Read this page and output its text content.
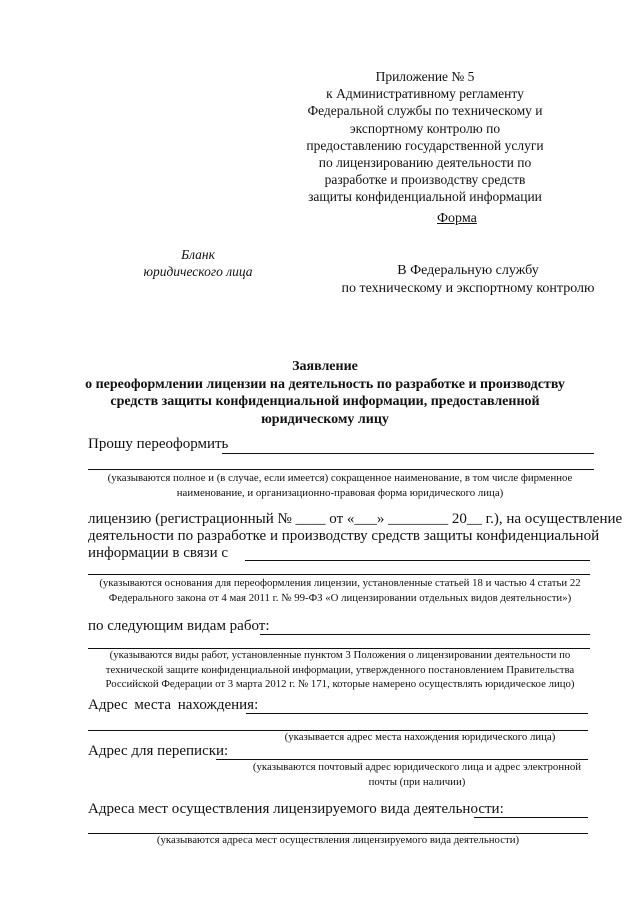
Приложение № 5
к Административному регламенту
Федеральной службы по техническому и
экспортному контролю по
предоставлению государственной услуги
по лицензированию деятельности по
разработке и производству средств
защиты конфиденциальной информации
Форма
Бланк
юридического лица	В Федеральную службу
по техническому и экспортному контролю
Заявление
о переоформлении лицензии на деятельность по разработке и производству
средств защиты конфиденциальной информации, предоставленной
юридическому лицу
Прошу переоформить
(указываются полное и (в случае, если имеется) сокращенное наименование, в том числе фирменное
наименование, и организационно-правовая форма юридического лица)
лицензию (регистрационный № ____ от «___» ________ 20__ г.), на осуществление
деятельности по разработке и производству средств защиты конфиденциальной
информации в связи с
(указываются основания для переоформления лицензии, установленные статьей 18 и частью 4 статьи 22
Федерального закона от 4 мая 2011 г. № 99-ФЗ «О лицензировании отдельных видов деятельности»)
по следующим видам работ:
(указываются виды работ, установленные пунктом 3 Положения о лицензировании деятельности по
технической защите конфиденциальной информации, утвержденного постановлением Правительства
Российской Федерации от 3 марта 2012 г. № 171, которые намерено осуществлять юридическое лицо)
Адрес места нахождения:
(указывается адрес места нахождения юридического лица)
Адрес для переписки:
(указываются почтовый адрес юридического лица и адрес электронной
почты (при наличии)
Адреса мест осуществления лицензируемого вида деятельности:
(указываются адреса мест осуществления лицензируемого вида деятельности)
